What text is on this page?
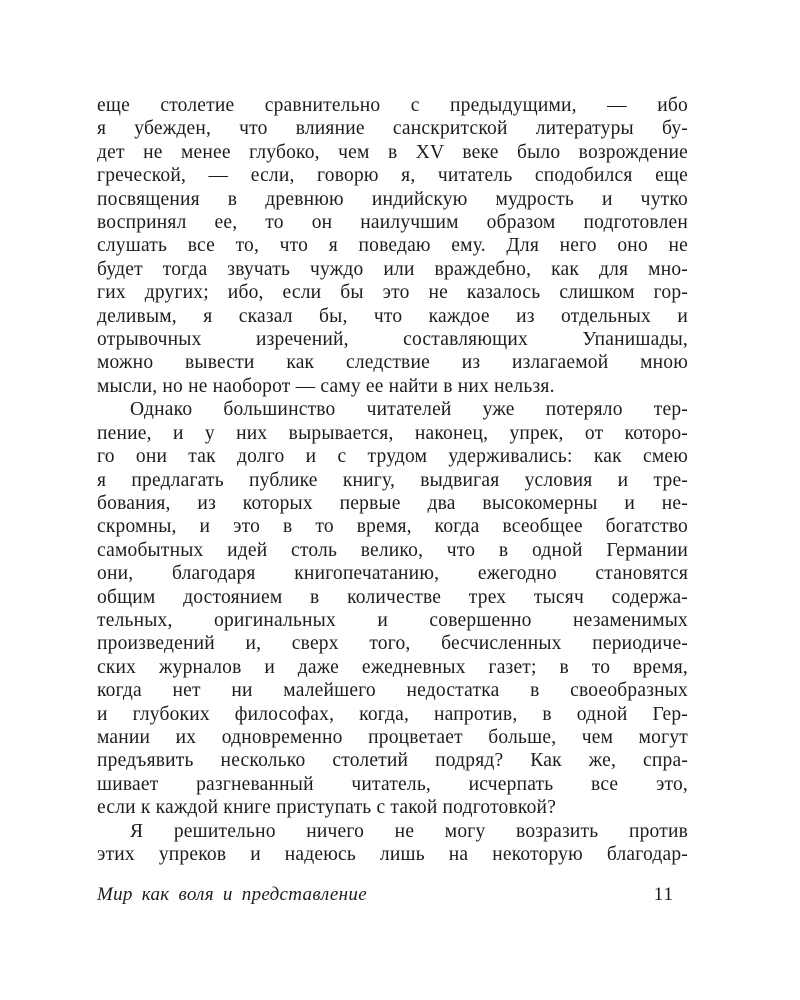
еще столетие сравнительно с предыдущими, — ибо
я убежден, что влияние санскритской литературы бу-
дет не менее глубоко, чем в XV веке было возрождение
греческой, — если, говорю я, читатель сподобился еще
посвящения в древнюю индийскую мудрость и чутко
воспринял ее, то он наилучшим образом подготовлен
слушать все то, что я поведаю ему. Для него оно не
будет тогда звучать чуждо или враждебно, как для мно-
гих других; ибо, если бы это не казалось слишком гор-
деливым, я сказал бы, что каждое из отдельных и
отрывочных изречений, составляющих Упанишады,
можно вывести как следствие из излагаемой мною
мысли, но не наоборот — саму ее найти в них нельзя.
Однако большинство читателей уже потеряло тер-
пение, и у них вырывается, наконец, упрек, от которо-
го они так долго и с трудом удерживались: как смею
я предлагать публике книгу, выдвигая условия и тре-
бования, из которых первые два высокомерны и не-
скромны, и это в то время, когда всеобщее богатство
самобытных идей столь велико, что в одной Германии
они, благодаря книгопечатанию, ежегодно становятся
общим достоянием в количестве трех тысяч содержа-
тельных, оригинальных и совершенно незаменимых
произведений и, сверх того, бесчисленных периодиче-
ских журналов и даже ежедневных газет; в то время,
когда нет ни малейшего недостатка в своеобразных
и глубоких философах, когда, напротив, в одной Гер-
мании их одновременно процветает больше, чем могут
предъявить несколько столетий подряд? Как же, спра-
шивает разгневанный читатель, исчерпать все это,
если к каждой книге приступать с такой подготовкой?
Я решительно ничего не могу возразить против
этих упреков и надеюсь лишь на некоторую благодар-
Мир как воля и представление	11
